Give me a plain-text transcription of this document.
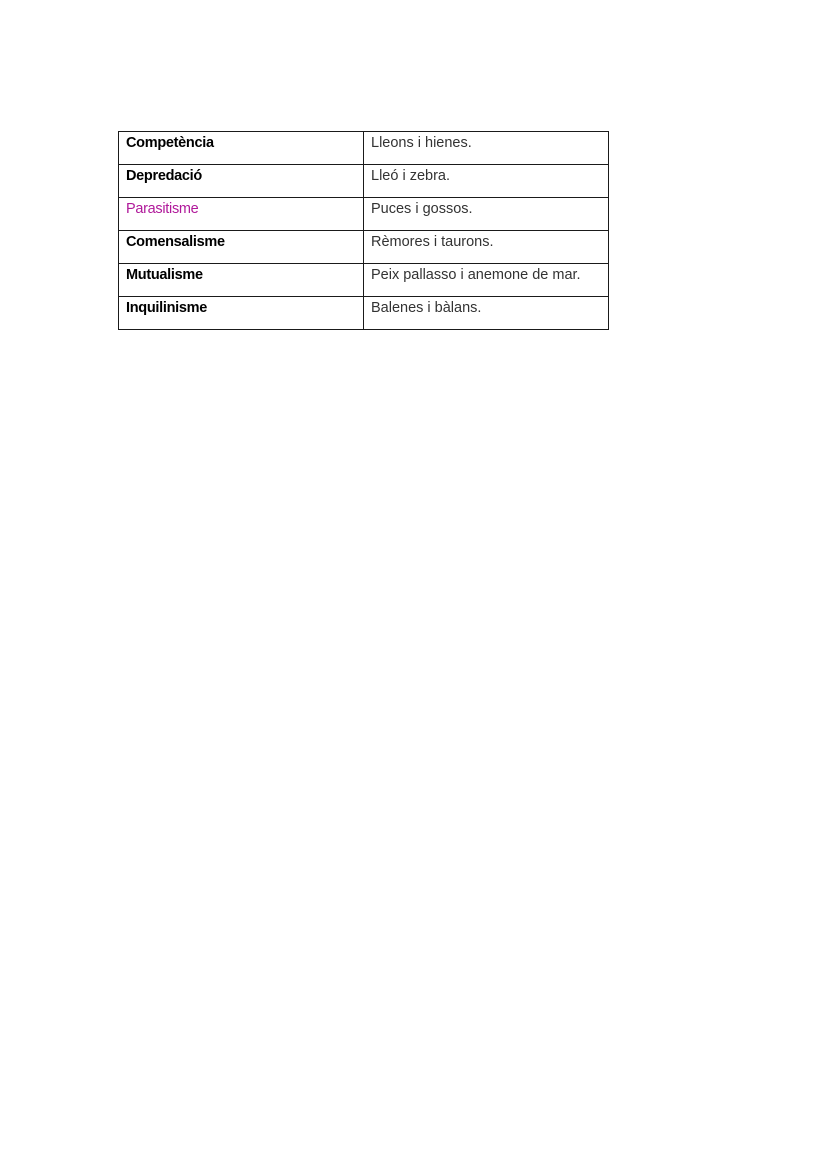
Competència	Lleons i hienes.
Depredació	Lleó i zebra.
Parasitisme	Puces i gossos.
Comensalisme	Rèmores i taurons.
Mutualisme	Peix pallasso i anemone de mar.
Inquilinisme	Balenes i bàlans.
